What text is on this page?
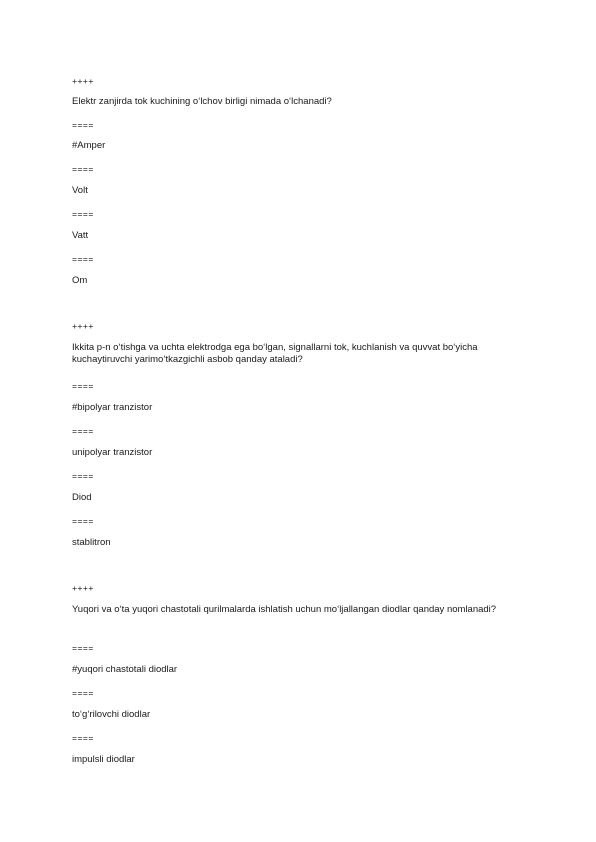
++++

Elektr zanjirda tok kuchining o‘lchov birligi nimada o‘lchanadi?

====

#Amper

====

Volt

====

Vatt

====

Om

++++

Ikkita p-n o‘tishga va uchta elektrodga ega bo‘lgan, signallarni tok, kuchlanish va quvvat bo‘yicha kuchaytiruvchi yarimo‘tkazgichli asbob qanday ataladi?

====

#bipolyar tranzistor

====

unipolyar tranzistor

====

Diod

====

stablitron

++++

Yuqori va o‘ta yuqori chastotali qurilmalarda ishlatish uchun mo‘ljallangan diodlar qanday nomlanadi?

====

#yuqori chastotali diodlar

====

to‘g‘rilovchi diodlar

====

impulsli diodlar
